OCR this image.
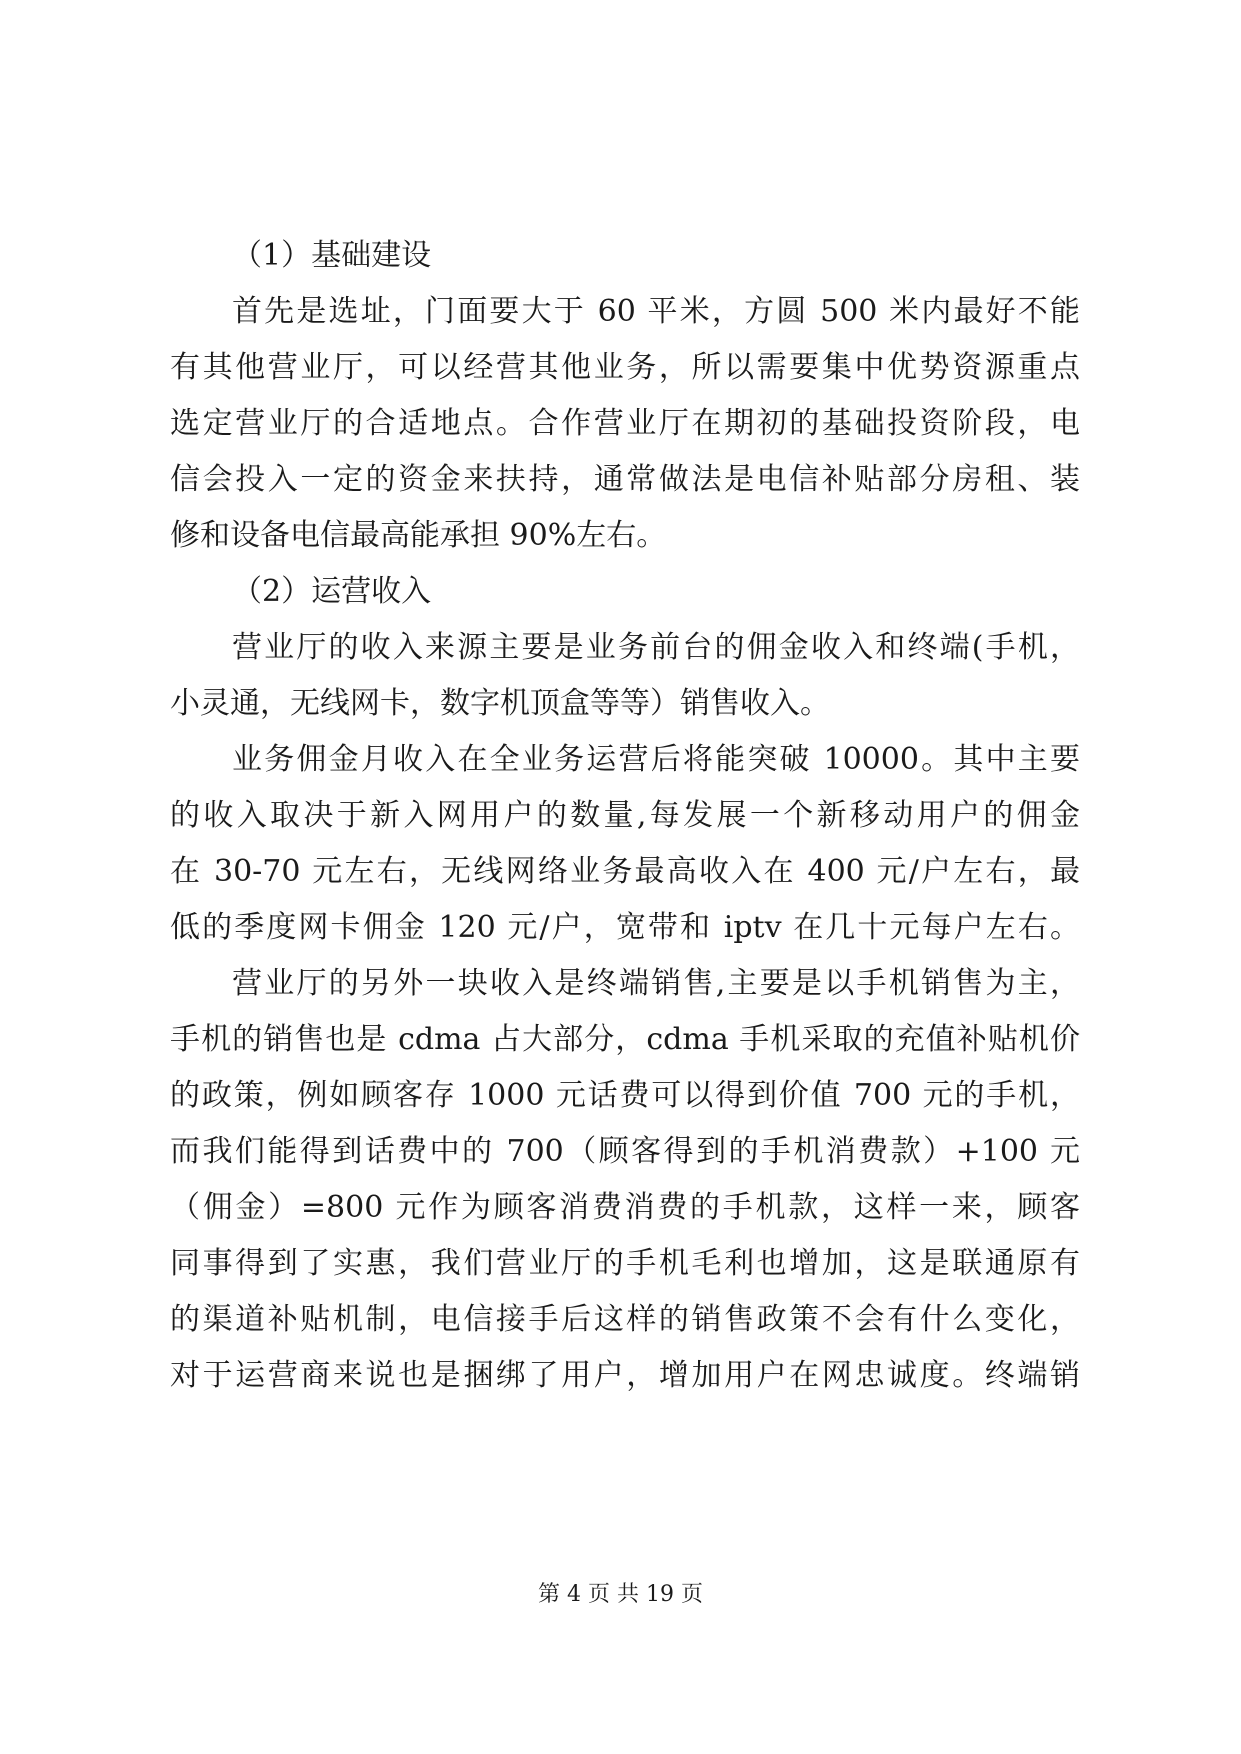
（1）基础建设

首先是选址，门面要大于 60 平米，方圆 500 米内最好不能
有其他营业厅，可以经营其他业务，所以需要集中优势资源重点
选定营业厅的合适地点。合作营业厅在期初的基础投资阶段，电
信会投入一定的资金来扶持，通常做法是电信补贴部分房租、装
修和设备电信最高能承担 90%左右。

（2）运营收入

营业厅的收入来源主要是业务前台的佣金收入和终端(手机，
小灵通，无线网卡，数字机顶盒等等）销售收入。
业务佣金月收入在全业务运营后将能突破 10000。其中主要
的收入取决于新入网用户的数量,每发展一个新移动用户的佣金
在 30-70 元左右，无线网络业务最高收入在 400 元/户左右，最
低的季度网卡佣金 120 元/户，宽带和 iptv 在几十元每户左右。
营业厅的另外一块收入是终端销售,主要是以手机销售为主，
手机的销售也是 cdma 占大部分，cdma 手机采取的充值补贴机价
的政策，例如顾客存 1000 元话费可以得到价值 700 元的手机，
而我们能得到话费中的 700（顾客得到的手机消费款）+100 元
（佣金）=800 元作为顾客消费消费的手机款，这样一来，顾客
同事得到了实惠，我们营业厅的手机毛利也增加，这是联通原有
的渠道补贴机制，电信接手后这样的销售政策不会有什么变化，
对于运营商来说也是捆绑了用户，增加用户在网忠诚度。终端销
第 4 页 共 19 页
